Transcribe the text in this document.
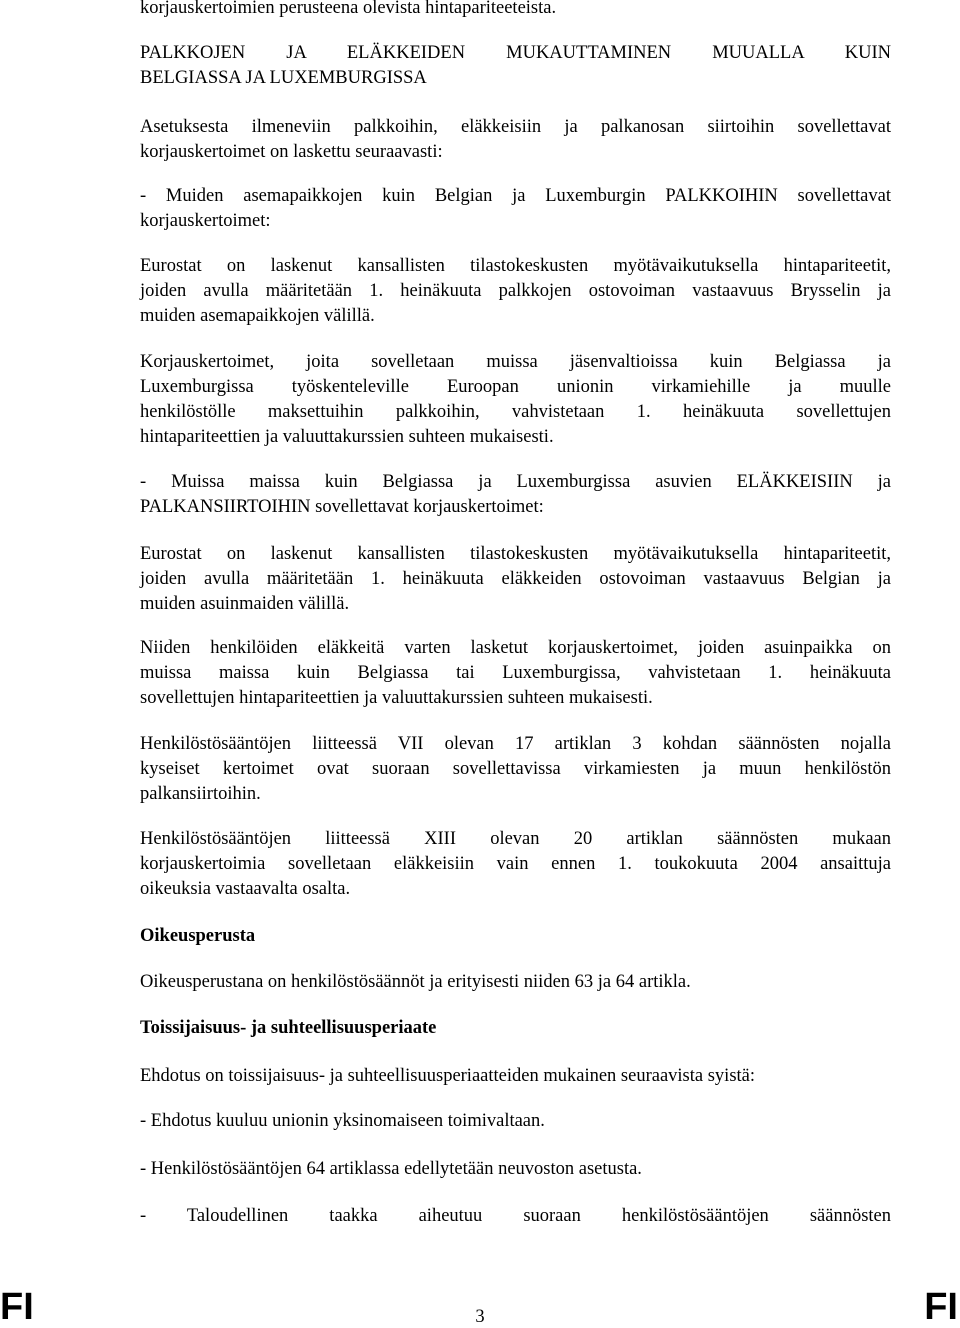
korjauskertoimien perusteena olevista hintapariteeteista.
PALKKOJEN JA ELÄKKEIDEN MUKAUTTAMINEN MUUALLA KUIN
BELGIASSA JA LUXEMBURGISSA
Asetuksesta ilmeneviin palkkoihin, eläkkeisiin ja palkanosan siirtoihin sovellettavat
korjauskertoimet on laskettu seuraavasti:
- Muiden asemapaikkojen kuin Belgian ja Luxemburgin PALKKOIHIN sovellettavat
korjauskertoimet:
Eurostat on laskenut kansallisten tilastokeskusten myötävaikutuksella hintapariteetit,
joiden avulla määritetään 1. heinäkuuta palkkojen ostovoiman vastaavuus Brysselin ja
muiden asemapaikkojen välillä.
Korjauskertoimet, joita sovelletaan muissa jäsenvaltioissa kuin Belgiassa ja
Luxemburgissa työskenteleville Euroopan unionin virkamiehille ja muulle
henkilöstölle maksettuihin palkkoihin, vahvistetaan 1. heinäkuuta sovellettujen
hintapariteettien ja valuuttakurssien suhteen mukaisesti.
- Muissa maissa kuin Belgiassa ja Luxemburgissa asuvien ELÄKKEISIIN ja
PALKANSIIRTOIHIN sovellettavat korjauskertoimet:
Eurostat on laskenut kansallisten tilastokeskusten myötävaikutuksella hintapariteetit,
joiden avulla määritetään 1. heinäkuuta eläkkeiden ostovoiman vastaavuus Belgian ja
muiden asuinmaiden välillä.
Niiden henkilöiden eläkkeitä varten lasketut korjauskertoimet, joiden asuinpaikka on
muissa maissa kuin Belgiassa tai Luxemburgissa, vahvistetaan 1. heinäkuuta
sovellettujen hintapariteettien ja valuuttakurssien suhteen mukaisesti.
Henkilöstösääntöjen liitteessä VII olevan 17 artiklan 3 kohdan säännösten nojalla
kyseiset kertoimet ovat suoraan sovellettavissa virkamiesten ja muun henkilöstön
palkansiirtoihin.
Henkilöstösääntöjen liitteessä XIII olevan 20 artiklan säännösten mukaan
korjauskertoimia sovelletaan eläkkeisiin vain ennen 1. toukokuuta 2004 ansaittuja
oikeuksia vastaavalta osalta.
Oikeusperusta
Oikeusperustana on henkilöstösäännöt ja erityisesti niiden 63 ja 64 artikla.
Toissijaisuus- ja suhteellisuusperiaate
Ehdotus on toissijaisuus- ja suhteellisuusperiaatteiden mukainen seuraavista syistä:
- Ehdotus kuuluu unionin yksinomaiseen toimivaltaan.
- Henkilöstösääntöjen 64 artiklassa edellytetään neuvoston asetusta.
- Taloudellinen taakka aiheutuu suoraan henkilöstösääntöjen säännösten
FI	3	FI
